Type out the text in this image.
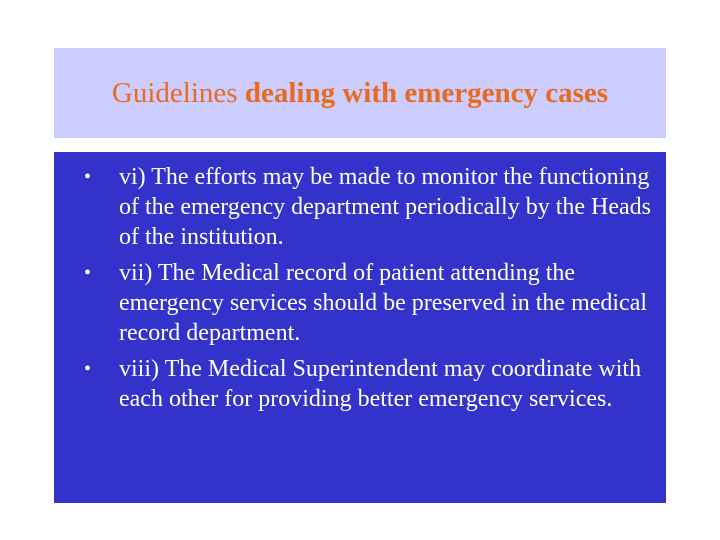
Guidelines dealing with emergency cases
• vi) The efforts may be made to monitor the functioning of the emergency department periodically by the Heads of the institution.
• vii) The Medical record of patient attending the emergency services should be preserved in the medical record department.
• viii) The Medical Superintendent may coordinate with each other for providing better emergency services.
